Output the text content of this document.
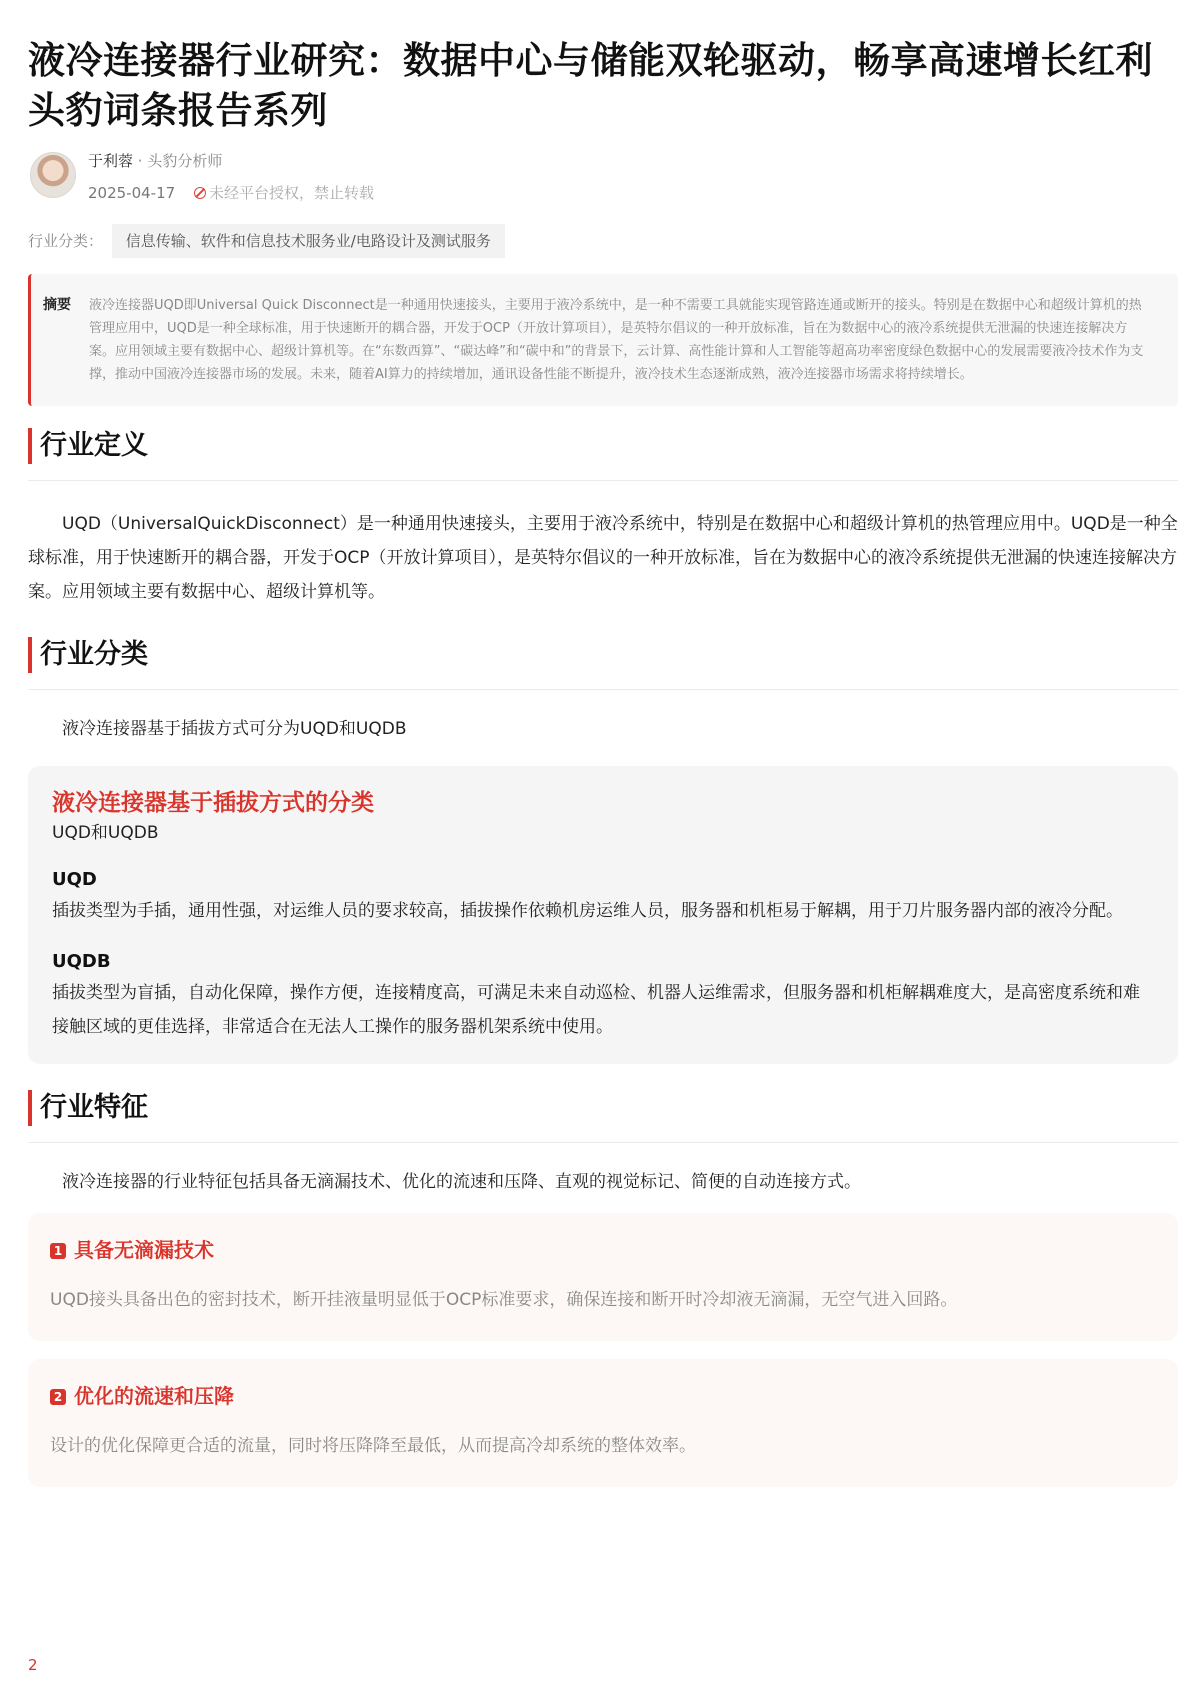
液冷连接器行业研究：数据中心与储能双轮驱动，畅享高速增长红利头豹词条报告系列
于利蓉 · 头豹分析师
2025-04-17 未经平台授权，禁止转载
行业分类： 信息传输、软件和信息技术服务业/电路设计及测试服务
摘要	液冷连接器UQD即Universal Quick Disconnect是一种通用快速接头，主要用于液冷系统中，是一种不需要工具就能实现管路连通或断开的接头。特别是在数据中心和超级计算机的热管理应用中，UQD是一种全球标准，用于快速断开的耦合器，开发于OCP（开放计算项目），是英特尔倡议的一种开放标准，旨在为数据中心的液冷系统提供无泄漏的快速连接解决方案。应用领域主要有数据中心、超级计算机等。在“东数西算”、“碳达峰”和“碳中和”的背景下，云计算、高性能计算和人工智能等超高功率密度绿色数据中心的发展需要液冷技术作为支撑，推动中国液冷连接器市场的发展。未来，随着AI算力的持续增加，通讯设备性能不断提升，液冷技术生态逐渐成熟，液冷连接器市场需求将持续增长。

行业定义

UQD（UniversalQuickDisconnect）是一种通用快速接头，主要用于液冷系统中，特别是在数据中心和超级计算机的热管理应用中。UQD是一种全球标准，用于快速断开的耦合器，开发于OCP（开放计算项目），是英特尔倡议的一种开放标准，旨在为数据中心的液冷系统提供无泄漏的快速连接解决方案。应用领域主要有数据中心、超级计算机等。

行业分类

液冷连接器基于插拔方式可分为UQD和UQDB

液冷连接器基于插拔方式的分类

UQD和UQDB

UQD

插拔类型为手插，通用性强，对运维人员的要求较高，插拔操作依赖机房运维人员，服务器和机柜易于解耦，用于刀片服务器内部的液冷分配。

UQDB

插拔类型为盲插，自动化保障，操作方便，连接精度高，可满足未来自动巡检、机器人运维需求，但服务器和机柜解耦难度大，是高密度系统和难接触区域的更佳选择，非常适合在无法人工操作的服务器机架系统中使用。

行业特征

液冷连接器的行业特征包括具备无滴漏技术、优化的流速和压降、直观的视觉标记、简便的自动连接方式。

1 具备无滴漏技术

UQD接头具备出色的密封技术，断开挂液量明显低于OCP标准要求，确保连接和断开时冷却液无滴漏，无空气进入回路。

2 优化的流速和压降

设计的优化保障更合适的流量，同时将压降降至最低，从而提高冷却系统的整体效率。

2
